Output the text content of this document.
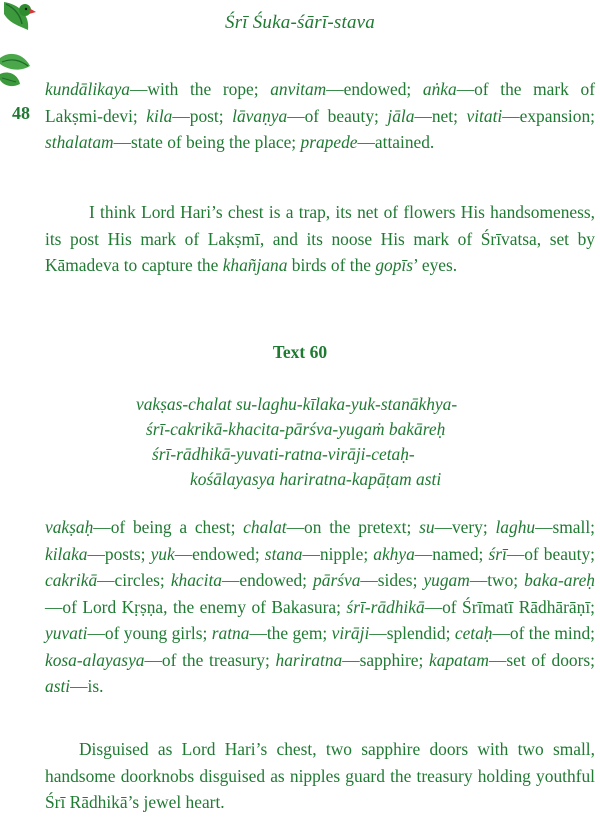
Śrī Śuka-śārī-stava
48

kundālikaya—with the rope; anvitam—endowed; aṅka—of the mark of Lakṣmi-devi; kila—post; lāvaṇya—of beauty; jāla—net; vitati—expansion; sthalatam—state of being the place; prapede—attained.

I think Lord Hari’s chest is a trap, its net of flowers His handsomeness, its post His mark of Lakṣmī, and its noose His mark of Śrīvatsa, set by Kāmadeva to capture the khañjana birds of the gopīs’ eyes.

Text 60
vakṣas-chalat su-laghu-kīlaka-yuk-stanākhya-
śrī-cakrikā-khacita-pārśva-yugaṁ bakāreḥ
śrī-rādhikā-yuvati-ratna-virāji-cetaḥ-
kośālayasya hariratna-kapāṭam asti

vakṣaḥ—of being a chest; chalat—on the pretext; su—very; laghu—small; kilaka—posts; yuk—endowed; stana—nipple; akhya—named; śrī—of beauty; cakrikā—circles; khacita—endowed; pārśva—sides; yugam—two; baka-areḥ—of Lord Kṛṣṇa, the enemy of Bakasura; śrī-rādhikā—of Śrīmatī Rādhārāṇī; yuvati—of young girls; ratna—the gem; virāji—splendid; cetaḥ—of the mind; kosa-alayasya—of the treasury; hariratna—sapphire; kapatam—set of doors; asti—is.

Disguised as Lord Hari’s chest, two sapphire doors with two small, handsome doorknobs disguised as nipples guard the treasury holding youthful Śrī Rādhikā’s jewel heart.
